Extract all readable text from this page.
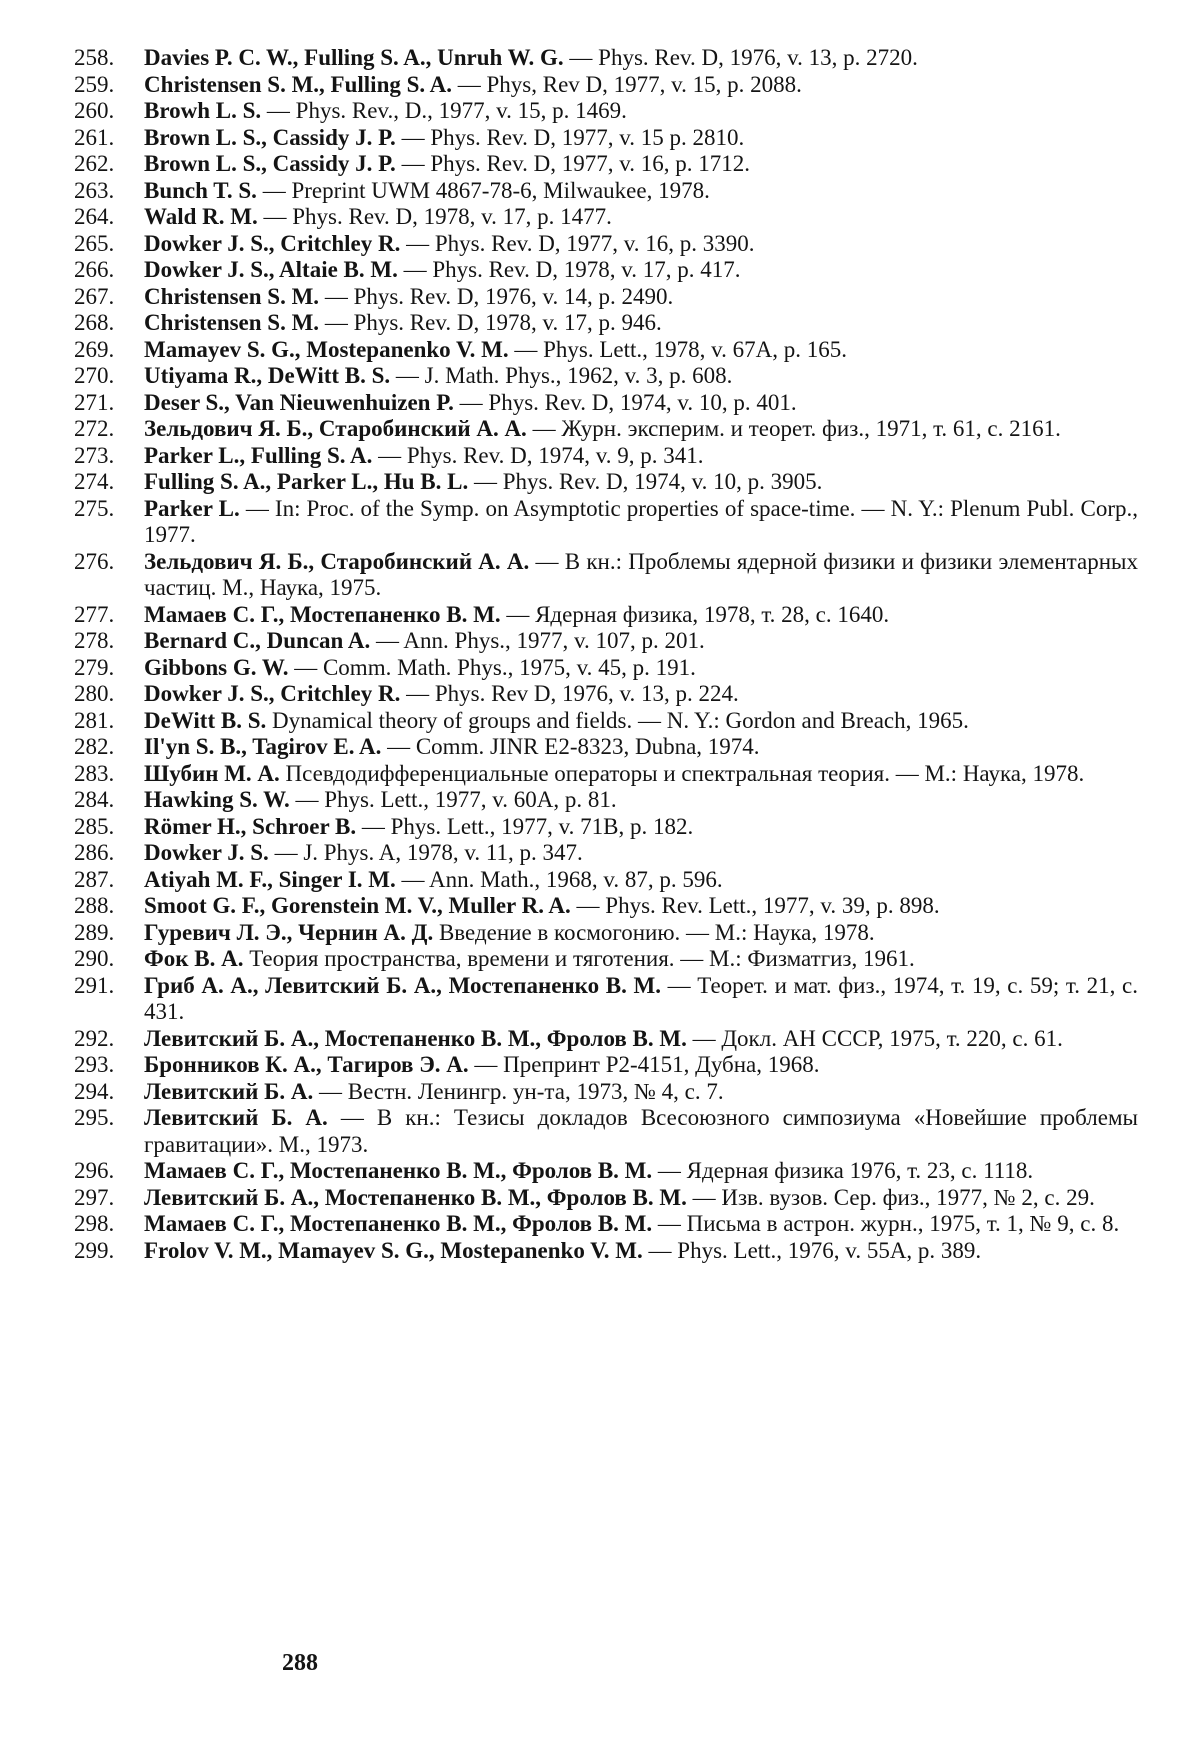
258.	Davies P. C. W., Fulling S. A., Unruh W. G. — Phys. Rev. D, 1976, v. 13, p. 2720.
259.	Christensen S. M., Fulling S. A. — Phys, Rev D, 1977, v. 15, p. 2088.
260.	Browh L. S. — Phys. Rev., D., 1977, v. 15, p. 1469.
261.	Brown L. S., Cassidy J. P. — Phys. Rev. D, 1977, v. 15 p. 2810.
262.	Brown L. S., Cassidy J. P. — Phys. Rev. D, 1977, v. 16, p. 1712.
263.	Bunch T. S. — Preprint UWM 4867-78-6, Milwaukee, 1978.
264.	Wald R. M. — Phys. Rev. D, 1978, v. 17, p. 1477.
265.	Dowker J. S., Critchley R. — Phys. Rev. D, 1977, v. 16, p. 3390.
266.	Dowker J. S., Altaie B. M. — Phys. Rev. D, 1978, v. 17, p. 417.
267.	Christensen S. M. — Phys. Rev. D, 1976, v. 14, p. 2490.
268.	Christensen S. M. — Phys. Rev. D, 1978, v. 17, p. 946.
269.	Mamayev S. G., Mostepanenko V. M. — Phys. Lett., 1978, v. 67A, p. 165.
270.	Utiyama R., DeWitt B. S. — J. Math. Phys., 1962, v. 3, p. 608.
271.	Deser S., Van Nieuwenhuizen P. — Phys. Rev. D, 1974, v. 10, p. 401.
272.	Зельдович Я. Б., Старобинский А. А. — Журн. эксперим. и теорет. физ., 1971, т. 61, с. 2161.
273.	Parker L., Fulling S. A. — Phys. Rev. D, 1974, v. 9, p. 341.
274.	Fulling S. A., Parker L., Hu B. L. — Phys. Rev. D, 1974, v. 10, p. 3905.
275.	Parker L. — In: Proc. of the Symp. on Asymptotic properties of space-time. — N. Y.: Plenum Publ. Corp., 1977.
276.	Зельдович Я. Б., Старобинский А. А. — В кн.: Проблемы ядерной физики и физики элементарных частиц. М., Наука, 1975.
277.	Мамаев С. Г., Мостепаненко В. М. — Ядерная физика, 1978, т. 28, с. 1640.
278.	Bernard C., Duncan A. — Ann. Phys., 1977, v. 107, p. 201.
279.	Gibbons G. W. — Comm. Math. Phys., 1975, v. 45, p. 191.
280.	Dowker J. S., Critchley R. — Phys. Rev D, 1976, v. 13, p. 224.
281.	DeWitt B. S. Dynamical theory of groups and fields. — N. Y.: Gordon and Breach, 1965.
282.	Il'yn S. B., Tagirov E. A. — Comm. JINR E2-8323, Dubna, 1974.
283.	Шубин М. А. Псевдодифференциальные операторы и спектральная теория. — М.: Наука, 1978.
284.	Hawking S. W. — Phys. Lett., 1977, v. 60A, p. 81.
285.	Römer H., Schroer B. — Phys. Lett., 1977, v. 71B, p. 182.
286.	Dowker J. S. — J. Phys. A, 1978, v. 11, p. 347.
287.	Atiyah M. F., Singer I. M. — Ann. Math., 1968, v. 87, p. 596.
288.	Smoot G. F., Gorenstein M. V., Muller R. A. — Phys. Rev. Lett., 1977, v. 39, p. 898.
289.	Гуревич Л. Э., Чернин А. Д. Введение в космогонию. — М.: Наука, 1978.
290.	Фок В. А. Теория пространства, времени и тяготения. — М.: Физматгиз, 1961.
291.	Гриб А. А., Левитский Б. А., Мостепаненко В. М. — Теорет. и мат. физ., 1974, т. 19, с. 59; т. 21, с. 431.
292.	Левитский Б. А., Мостепаненко В. М., Фролов В. М. — Докл. АН СССР, 1975, т. 220, с. 61.
293.	Бронников К. А., Тагиров Э. А. — Препринт Р2-4151, Дубна, 1968.
294.	Левитский Б. А. — Вестн. Ленингр. ун-та, 1973, № 4, с. 7.
295.	Левитский Б. А. — В кн.: Тезисы докладов Всесоюзного симпозиума «Новейшие проблемы гравитации». М., 1973.
296.	Мамаев С. Г., Мостепаненко В. М., Фролов В. М. — Ядерная физика 1976, т. 23, с. 1118.
297.	Левитский Б. А., Мостепаненко В. М., Фролов В. М. — Изв. вузов. Сер. физ., 1977, № 2, с. 29.
298.	Мамаев С. Г., Мостепаненко В. М., Фролов В. М. — Письма в астрон. журн., 1975, т. 1, № 9, с. 8.
299.	Frolov V. M., Mamayev S. G., Mostepanenko V. M. — Phys. Lett., 1976, v. 55A, p. 389.
288
